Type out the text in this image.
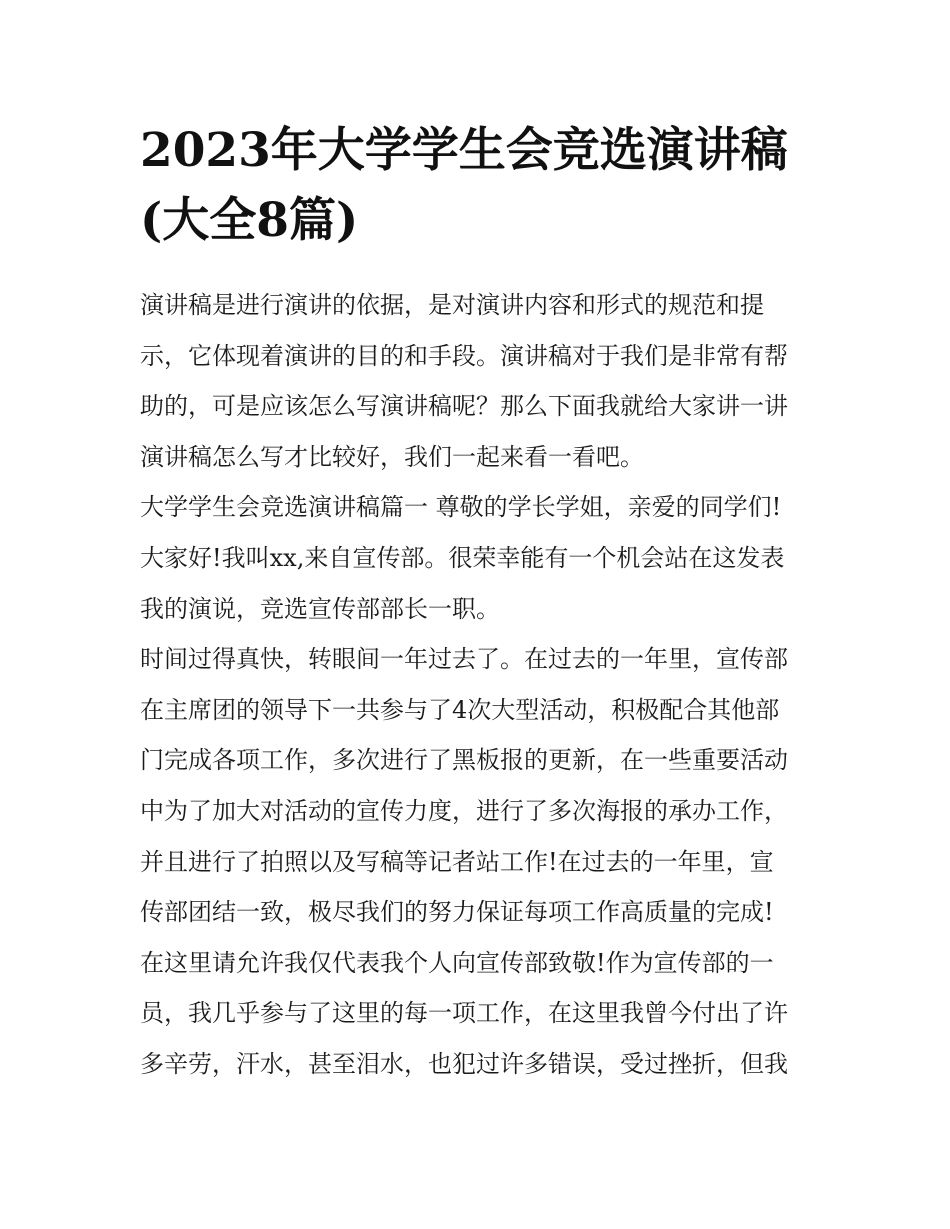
2023年大学学生会竞选演讲稿
(大全8篇)
演讲稿是进行演讲的依据，是对演讲内容和形式的规范和提
示，它体现着演讲的目的和手段。演讲稿对于我们是非常有帮
助的，可是应该怎么写演讲稿呢？那么下面我就给大家讲一讲
演讲稿怎么写才比较好，我们一起来看一看吧。
大学学生会竞选演讲稿篇一 尊敬的学长学姐，亲爱的同学们!
大家好!我叫xx,来自宣传部。很荣幸能有一个机会站在这发表
我的演说，竞选宣传部部长一职。
时间过得真快，转眼间一年过去了。在过去的一年里，宣传部
在主席团的领导下一共参与了4次大型活动，积极配合其他部
门完成各项工作，多次进行了黑板报的更新，在一些重要活动
中为了加大对活动的宣传力度，进行了多次海报的承办工作，
并且进行了拍照以及写稿等记者站工作!在过去的一年里，宣
传部团结一致，极尽我们的努力保证每项工作高质量的完成!
在这里请允许我仅代表我个人向宣传部致敬!作为宣传部的一
员，我几乎参与了这里的每一项工作，在这里我曾今付出了许
多辛劳，汗水，甚至泪水，也犯过许多错误，受过挫折，但我
